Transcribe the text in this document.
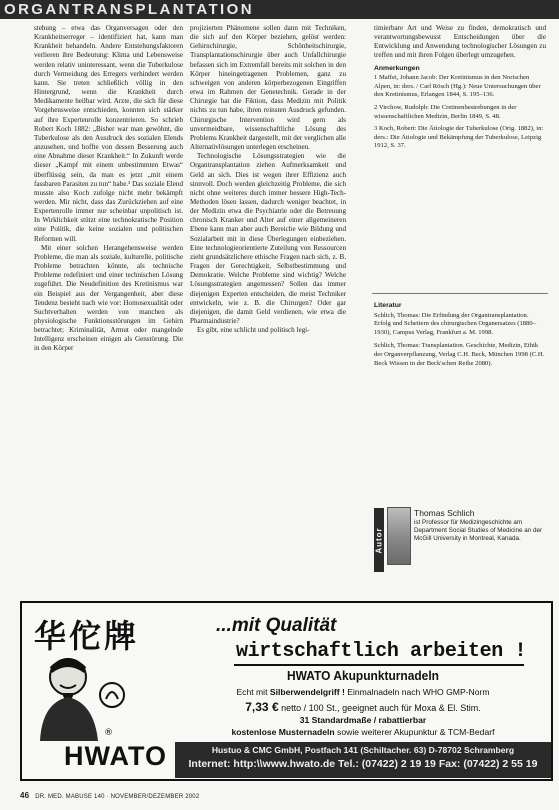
ORGANTRANSPLANTATION

stehung – etwa das Organversagen oder den Krankheitserreger – identifiziert hat, kann man Krankheit behandeln. Andere Entstehungsfaktoren verlieren ihre Bedeutung: Klima und Lebensweise werden relativ uninteressant, wenn die Tuberkulose durch Vermeidung des Erregers verhindert werden kann. Sie treten schließlich völlig in den Hintergrund, wenn die Krankheit durch Medikamente heilbar wird. Arzte, die sich für diese Vorgehensweise entschieden, konnten sich stärker auf ihre Expertenrolle konzentrieren. So schrieb Robert Koch 1882: „Bisher war man gewöhnt, die Tuberkulose als den Ausdruck des sozialen Elends anzusehen, und hoffte von dessen Besserung auch eine Abnahme dieser Krankheit.“ In Zukunft werde dieser „Kampf mit einem unbestimmten Etwas“ überflüssig sein, da man es jetzt „mit einem fassbaren Parasiten zu tun“ habe.³ Das soziale Elend musste also Koch zufolge nicht mehr bekämpft werden. Mir nicht, dass das Zurückziehen auf eine Expertenrolle immer nur scheinbar unpolitisch ist. In Wirklichkeit stützt eine technokratische Position eine Politik, die keine sozialen und politischen Reformen will.

Mit einer solchen Herangehensweise werden Probleme, die man als soziale, kulturelle, politische Probleme betrachten könnte, als technische Probleme redefiniert und einer technischen Lösung zugeführt. Die Neudefinition des Kretinismus war ein Beispiel aus der Vergangenheit, aber diese Tendenz besteht nach wie vor: Homosexualität oder Suchtverhalten werden von manchen als physiologische Funktionsstörungen im Gehirn betrachtet; Kriminalität, Armut oder mangelnde Intelligenz erscheinen einigen als Genstörung. Die in den Körper

projizierten Phänomene sollen dann mit Techniken, die sich auf den Körper beziehen, gelöst werden: Gehirnchirurgie, Schönheitschirurgie, Transplantationschirurgie über auch Unfallchirurgie befassen sich im Extremfall bereits mit solchen in den Körper hineingetragenen Problemen, ganz zu schweigen von anderen körperbezogenen Eingriffen etwa im Rahmen der Genetechnik. Gerade in der Chirurgie hat die Fiktion, dass Medizin mit Politik nichts zu tun habe, ihren reinsten Ausdruck gefunden. Chirurgische Intervention wird gern als unvermeidbare, wissenschaftliche Lösung des Problems Krankheit dargestellt, mit der verglichen alle Alternativlösungen unterlegen erscheinen.

Technologische Lösungsstrategien wie die Organtransplantation ziehen Aufmerksamkeit und Geld an sich. Dies ist wegen ihrer Effizienz auch sinnvoll. Doch werden gleichzeitig Probleme, die sich nicht ohne weiteres durch immer bessere High-Tech-Methoden lösen lassen, dadurch weniger beachtet, in der Medizin etwa die Psychiatrie oder die Betreuung chronisch Kranker und Alter auf einer allgemeineren Ebene kann man aber auch Bereiche wie Bildung und Sozialarbeit mit in diese Überlegungen einbeziehen. Eine technologieorientierte Zuteilung von Ressourcen zieht grundsätzlichere ethische Fragen nach sich, z. B. Fragen der Gerechtigkeit, Selbstbestimmung und Demokratie. Welche Probleme sind wichtig? Welche Lösungsstrategien angemessen? Sollen das immer diejenigen Experten entscheiden, die meist Techniker entwickeln, wie z. B. die Chirurgen? Oder gar diejenigen, die damit Geld verdienen, wie etwa die Pharmaindustrie?

Es gibt, eine schlicht und politisch legi-

timierbare Art und Weise zu finden, demokratisch und verantwortungsbewusst Entscheidungen über die Entwicklung und Anwendung technologischer Lösungen zu treffen und mit ihren Folgen überlegt umzugehen.

Anmerkungen

1 Maffei, Johann Jacob: Der Kretinismus in den Norischen Alpen, in: ders. / Carl Rösch (Hg.): Neue Untersuchungen über den Kretinismus, Erlangen 1844, S. 195–136.

2 Virchow, Rudolph: Die Cretinenbestrebungen in der wissenschaftlichen Medizin, Berlin 1849, S. 48.

3 Koch, Robert: Die Ätiologie der Tuberkulose (Orig. 1882), in: ders.: Die Ätiologie und Bekämpfung der Tuberkulose, Leipzig 1912, S. 37.

Literatur

Schlich, Thomas: Die Erfindung der Organtransplantation. Erfolg und Scheitern des chirurgischen Organersatzes (1880–1930), Campus Verlag, Frankfurt a. M. 1998.

Schlich, Thomas: Transplantation. Geschichte, Medizin, Ethik der Organverpflanzung, Verlag C.H. Beck, München 1998 (C.H. Beck Wissen in der Beck'schen Reihe 2080).

Autor
Thomas Schlich
ist Professor für Medizingeschichte am Department Social Studies of Medicine an der McGill University in Montreal, Kanada.
华佗牌
®
HWATO
...mit Qualität
wirtschaftlich arbeiten !
HWATO Akupunkturnadeln
Echt mit Silberwendelgriff ! Einmalnadeln nach WHO GMP-Norm
7,33 € netto / 100 St., geeignet auch für Moxa & El. Stim.
31 Standardmaße / rabattierbar
kostenlose Musternadeln sowie weiterer Akupunktur & TCM-Bedarf
Hustuo & CMC GmbH, Postfach 141 (Schiltacher. 63) D-78702 Schramberg
Internet: http:\\www.hwato.de Tel.: (07422) 2 19 19 Fax: (07422) 2 55 19
46 DR. MED. MABUSE 140 · NOVEMBER/DEZEMBER 2002
